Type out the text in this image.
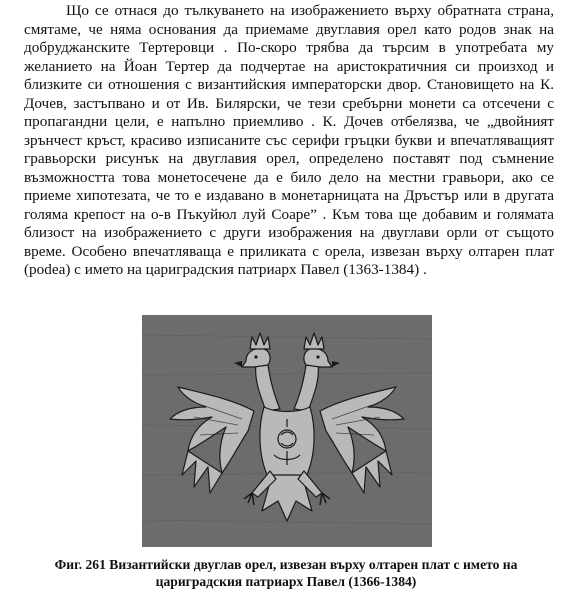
Що се отнася до тълкуването на изображението върху обратната страна, смятаме, че няма основания да приемаме двуглавия орел като родов знак на добруджанските Тертеровци . По-скоро трябва да търсим в употребата му желанието на Йоан Тертер да подчертае на аристократичния си произход и близките си отношения с византийския императорски двор. Становището на К. Дочев, застъпвано и от Ив. Билярски, че тези сребърни монети са отсечени с пропагандни цели, е напълно приемливо . К. Дочев отбелязва, че „двойният зрънчест кръст, красиво изписаните със серифи гръцки букви и впечатляващият гравьорски рисунък на двуглавия орел, определено поставят под съмнение възможността това монетосечене да е било дело на местни гравьори, ако се приеме хипотезата, че то е издавано в монетарницата на Дръстър или в другата голяма крепост на о-в Пъкуйюл луй Соаре” . Към това ще добавим и голямата близост на изображението с други изображения на двуглави орли от същото време. Особено впечатляваща е приликата с орела, извезан върху олтарен плат (podea) с името на цариградския патриарх Павел (1363-1384) .

Фиг. 261 Византийски двуглав орел, извезан върху олтарен плат с името на
цариградския патриарх Павел (1366-1384)
